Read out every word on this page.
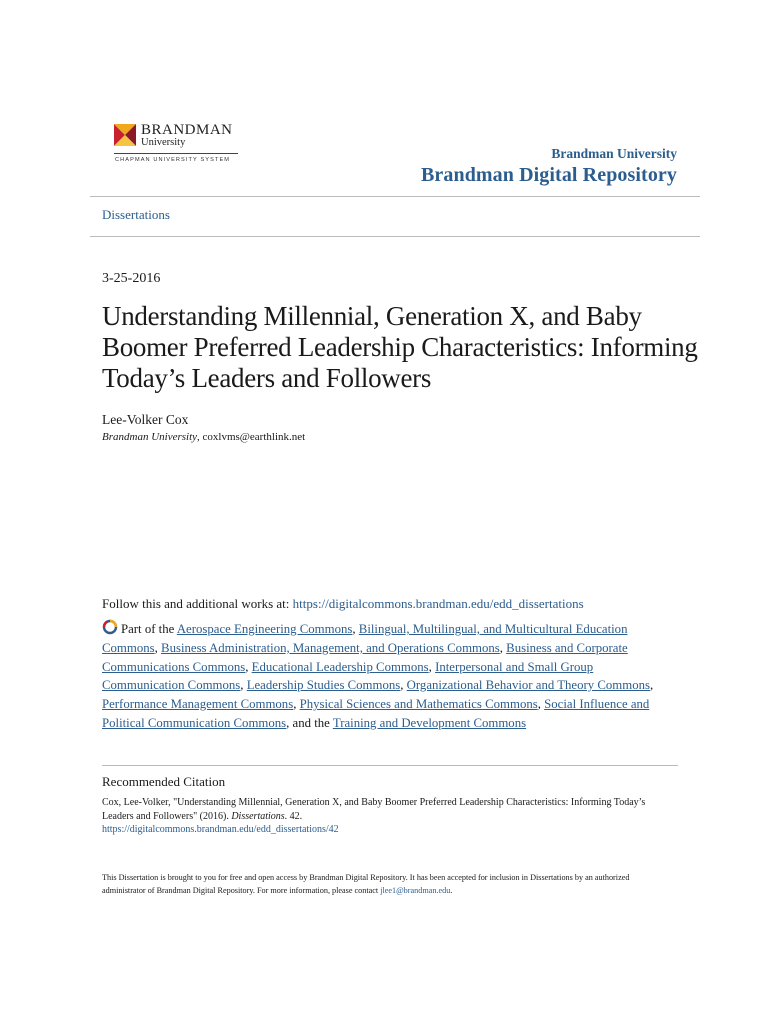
BRANDMAN
University
CHAPMAN UNIVERSITY SYSTEM	Brandman University
Brandman Digital Repository
Dissertations
3-25-2016
Understanding Millennial, Generation X, and Baby Boomer Preferred Leadership Characteristics: Informing Today’s Leaders and Followers
Lee-Volker Cox
Brandman University, coxlvms@earthlink.net
Follow this and additional works at: https://digitalcommons.brandman.edu/edd_dissertations
Part of the Aerospace Engineering Commons, Bilingual, Multilingual, and Multicultural Education Commons, Business Administration, Management, and Operations Commons, Business and Corporate Communications Commons, Educational Leadership Commons, Interpersonal and Small Group Communication Commons, Leadership Studies Commons, Organizational Behavior and Theory Commons, Performance Management Commons, Physical Sciences and Mathematics Commons, Social Influence and Political Communication Commons, and the Training and Development Commons
Recommended Citation
Cox, Lee-Volker, "Understanding Millennial, Generation X, and Baby Boomer Preferred Leadership Characteristics: Informing Today’s Leaders and Followers" (2016). Dissertations. 42.
https://digitalcommons.brandman.edu/edd_dissertations/42
This Dissertation is brought to you for free and open access by Brandman Digital Repository. It has been accepted for inclusion in Dissertations by an authorized administrator of Brandman Digital Repository. For more information, please contact jlee1@brandman.edu.
